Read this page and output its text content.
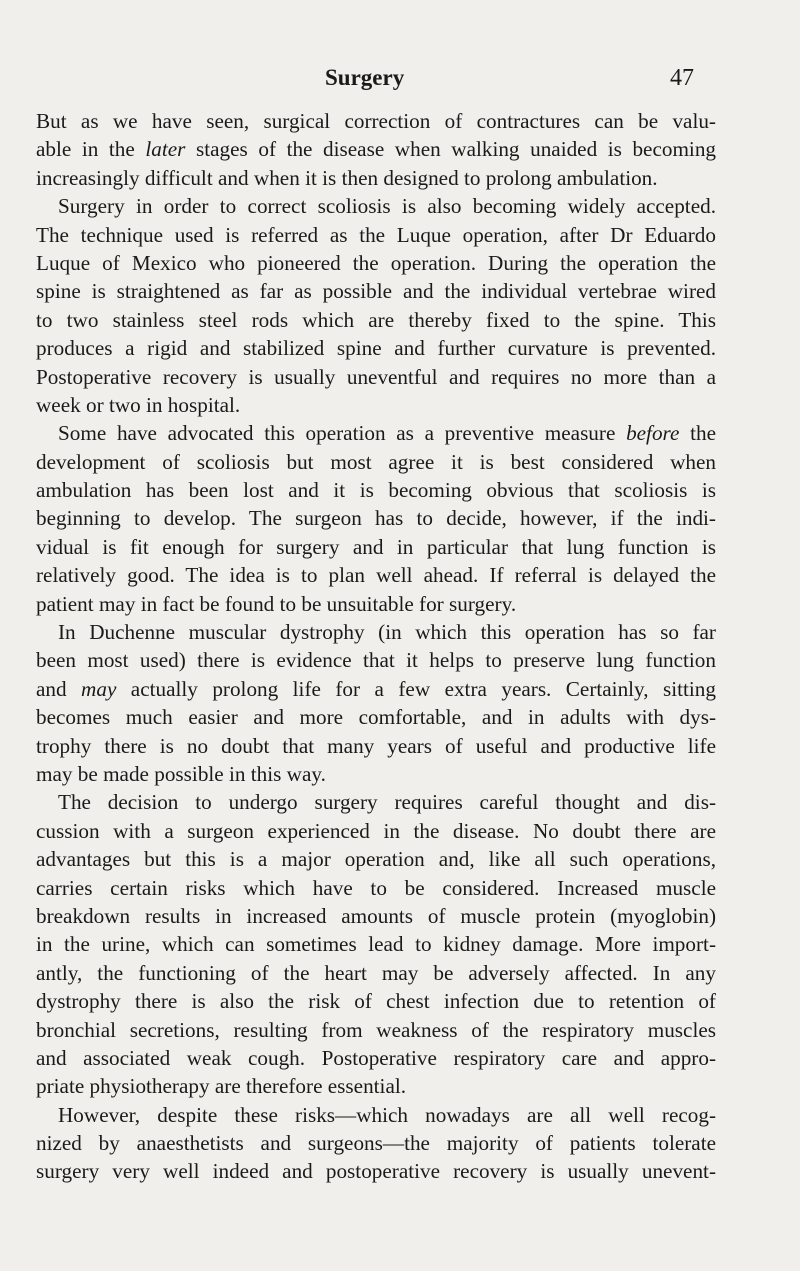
Surgery	47
But as we have seen, surgical correction of contractures can be valu-
able in the later stages of the disease when walking unaided is becoming
increasingly difficult and when it is then designed to prolong ambulation.
Surgery in order to correct scoliosis is also becoming widely accepted.
The technique used is referred as the Luque operation, after Dr Eduardo
Luque of Mexico who pioneered the operation. During the operation the
spine is straightened as far as possible and the individual vertebrae wired
to two stainless steel rods which are thereby fixed to the spine. This
produces a rigid and stabilized spine and further curvature is prevented.
Postoperative recovery is usually uneventful and requires no more than a
week or two in hospital.
Some have advocated this operation as a preventive measure before the
development of scoliosis but most agree it is best considered when
ambulation has been lost and it is becoming obvious that scoliosis is
beginning to develop. The surgeon has to decide, however, if the indi-
vidual is fit enough for surgery and in particular that lung function is
relatively good. The idea is to plan well ahead. If referral is delayed the
patient may in fact be found to be unsuitable for surgery.
In Duchenne muscular dystrophy (in which this operation has so far
been most used) there is evidence that it helps to preserve lung function
and may actually prolong life for a few extra years. Certainly, sitting
becomes much easier and more comfortable, and in adults with dys-
trophy there is no doubt that many years of useful and productive life
may be made possible in this way.
The decision to undergo surgery requires careful thought and dis-
cussion with a surgeon experienced in the disease. No doubt there are
advantages but this is a major operation and, like all such operations,
carries certain risks which have to be considered. Increased muscle
breakdown results in increased amounts of muscle protein (myoglobin)
in the urine, which can sometimes lead to kidney damage. More import-
antly, the functioning of the heart may be adversely affected. In any
dystrophy there is also the risk of chest infection due to retention of
bronchial secretions, resulting from weakness of the respiratory muscles
and associated weak cough. Postoperative respiratory care and appro-
priate physiotherapy are therefore essential.
However, despite these risks—which nowadays are all well recog-
nized by anaesthetists and surgeons—the majority of patients tolerate
surgery very well indeed and postoperative recovery is usually unevent-
